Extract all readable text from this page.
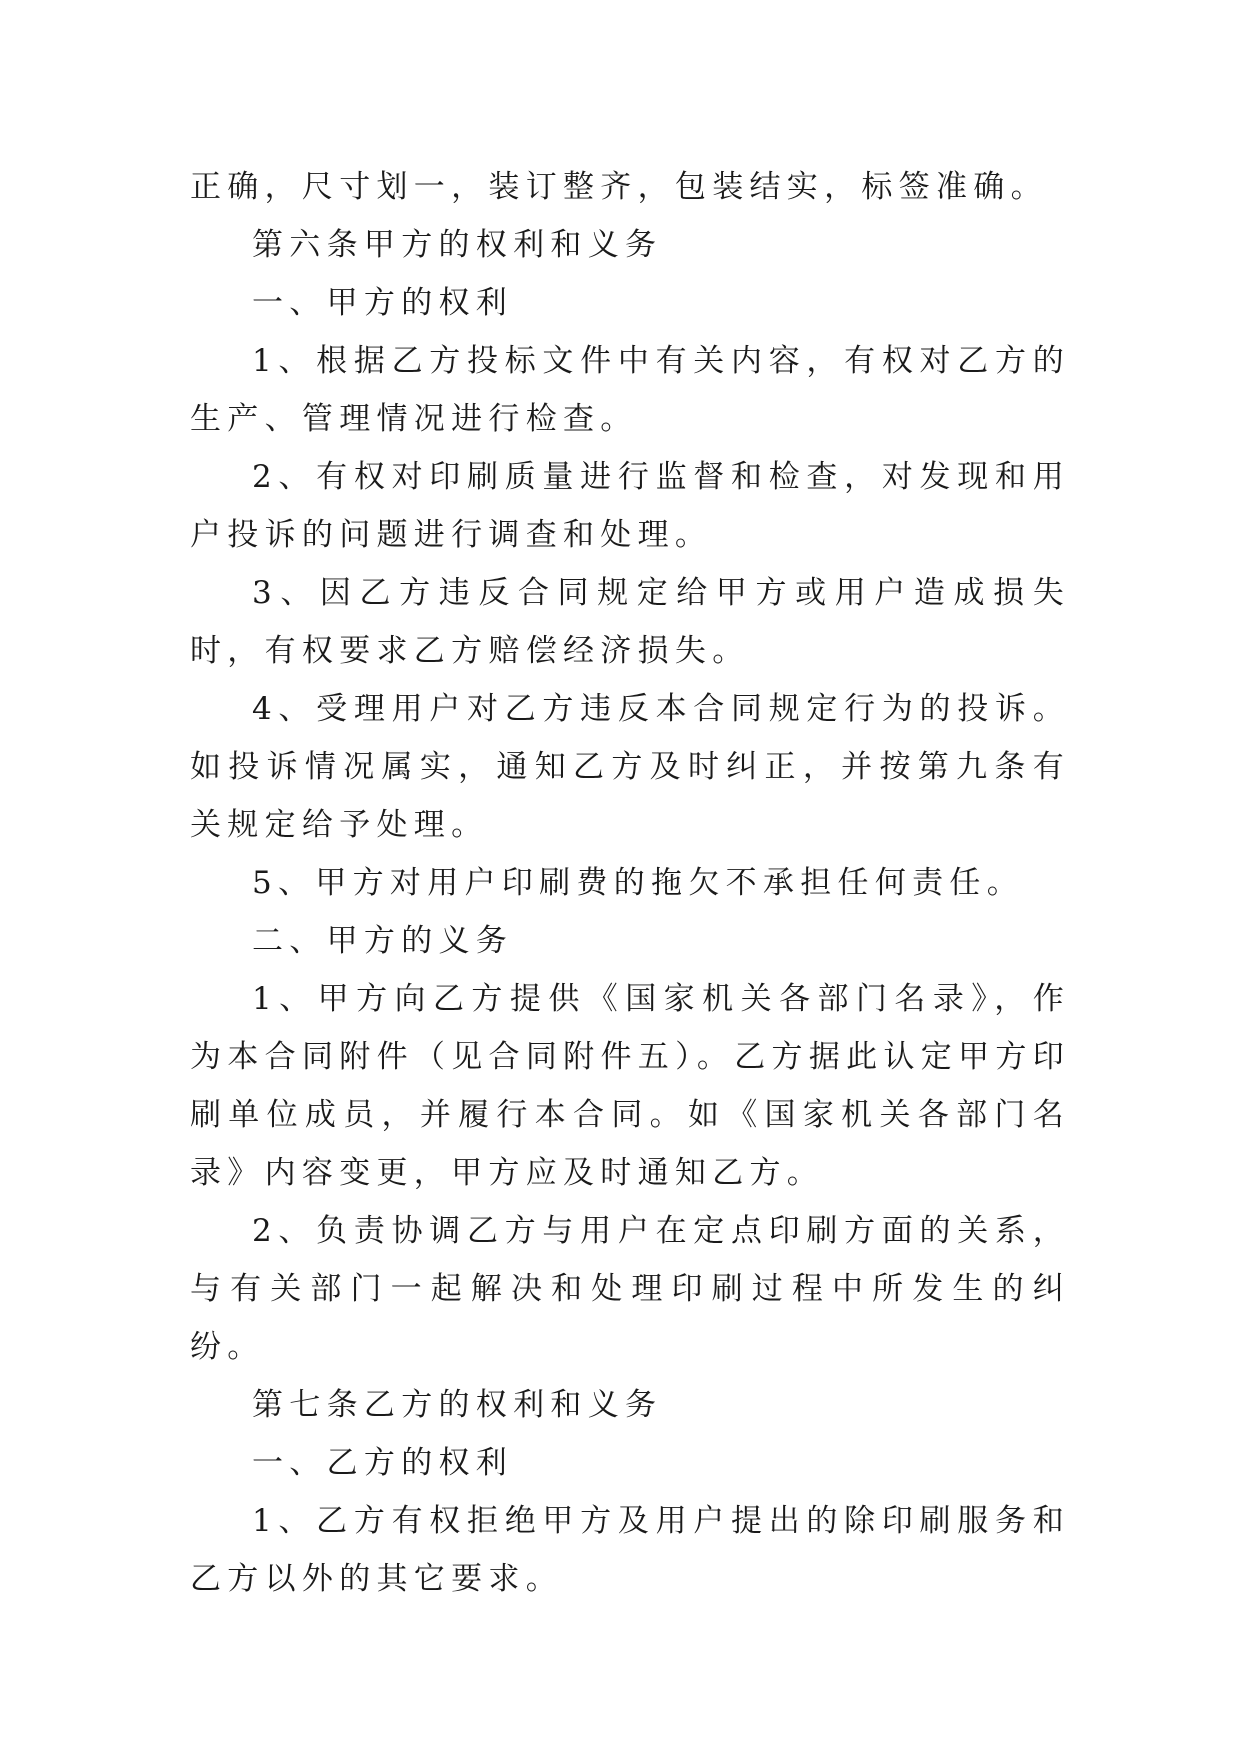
正确，尺寸划一，装订整齐，包装结实，标签准确。

第六条甲方的权利和义务

一、甲方的权利

1、根据乙方投标文件中有关内容，有权对乙方的生产、管理情况进行检查。

2、有权对印刷质量进行监督和检查，对发现和用户投诉的问题进行调查和处理。

3、因乙方违反合同规定给甲方或用户造成损失时，有权要求乙方赔偿经济损失。

4、受理用户对乙方违反本合同规定行为的投诉。如投诉情况属实，通知乙方及时纠正，并按第九条有关规定给予处理。

5、甲方对用户印刷费的拖欠不承担任何责任。

二、甲方的义务

1、甲方向乙方提供《国家机关各部门名录》，作为本合同附件（见合同附件五）。乙方据此认定甲方印刷单位成员，并履行本合同。如《国家机关各部门名录》内容变更，甲方应及时通知乙方。

2、负责协调乙方与用户在定点印刷方面的关系，与有关部门一起解决和处理印刷过程中所发生的纠纷。

第七条乙方的权利和义务

一、乙方的权利

1、乙方有权拒绝甲方及用户提出的除印刷服务和乙方以外的其它要求。
